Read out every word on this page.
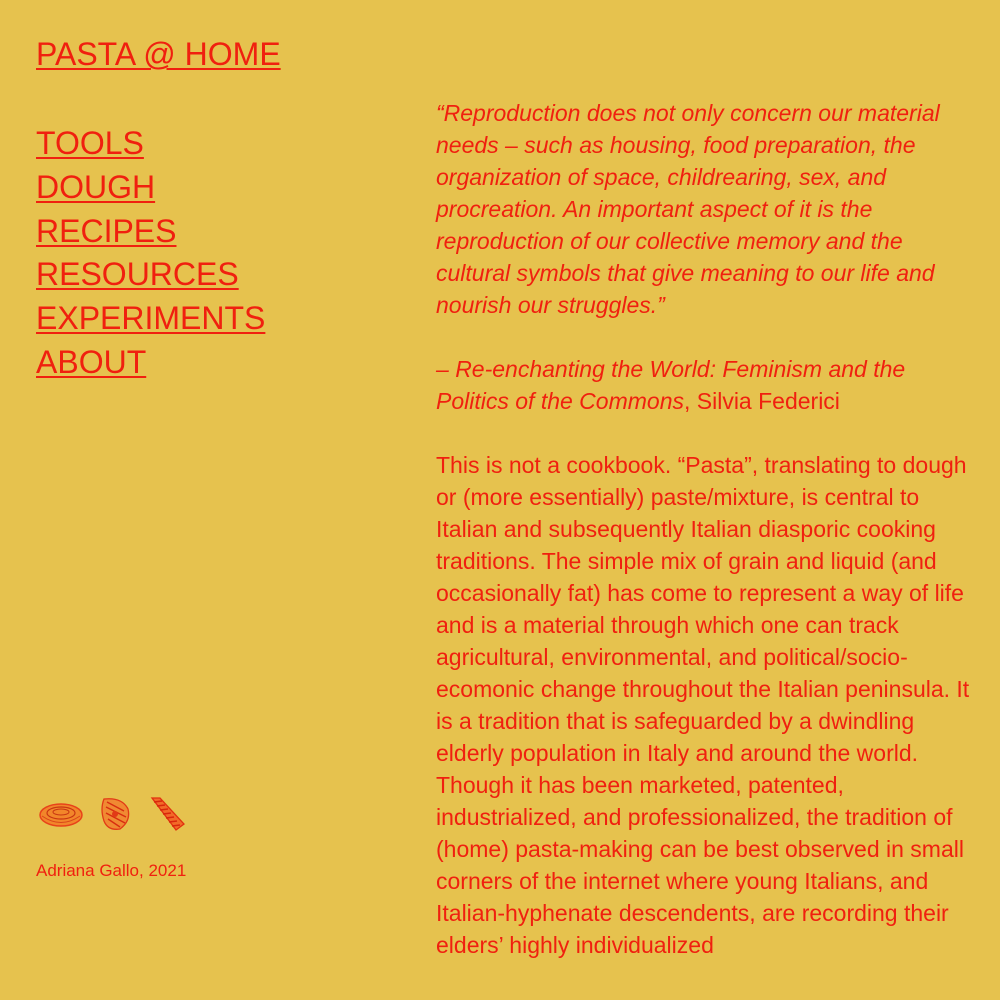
PASTA @ HOME
TOOLS
DOUGH
RECIPES
RESOURCES
EXPERIMENTS
ABOUT
Adriana Gallo, 2021

“Reproduction does not only concern our material needs – such as housing, food preparation, the organization of space, childrearing, sex, and procreation. An important aspect of it is the reproduction of our collective memory and the cultural symbols that give meaning to our life and nourish our struggles.”

– Re-enchanting the World: Feminism and the Politics of the Commons, Silvia Federici

This is not a cookbook. “Pasta”, translating to dough or (more essentially) paste/mixture, is central to Italian and subsequently Italian diasporic cooking traditions. The simple mix of grain and liquid (and occasionally fat) has come to represent a way of life and is a material through which one can track agricultural, environmental, and political/socio-ecomonic change throughout the Italian peninsula. It is a tradition that is safeguarded by a dwindling elderly population in Italy and around the world. Though it has been marketed, patented, industrialized, and professionalized, the tradition of (home) pasta-making can be best observed in small corners of the internet where young Italians, and Italian-hyphenate descendents, are recording their elders’ highly individualized
